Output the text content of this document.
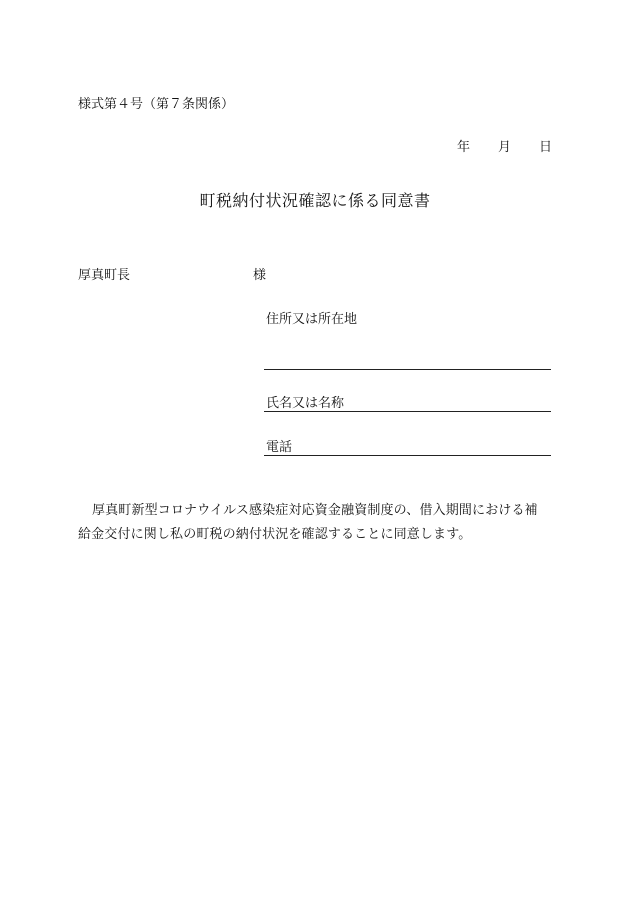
様式第４号（第７条関係）
年 月 日
町税納付状況確認に係る同意書
厚真町長	様
住所又は所在地
氏名又は名称
電話
厚真町新型コロナウイルス感染症対応資金融資制度の、借入期間における補
給金交付に関し私の町税の納付状況を確認することに同意します。
